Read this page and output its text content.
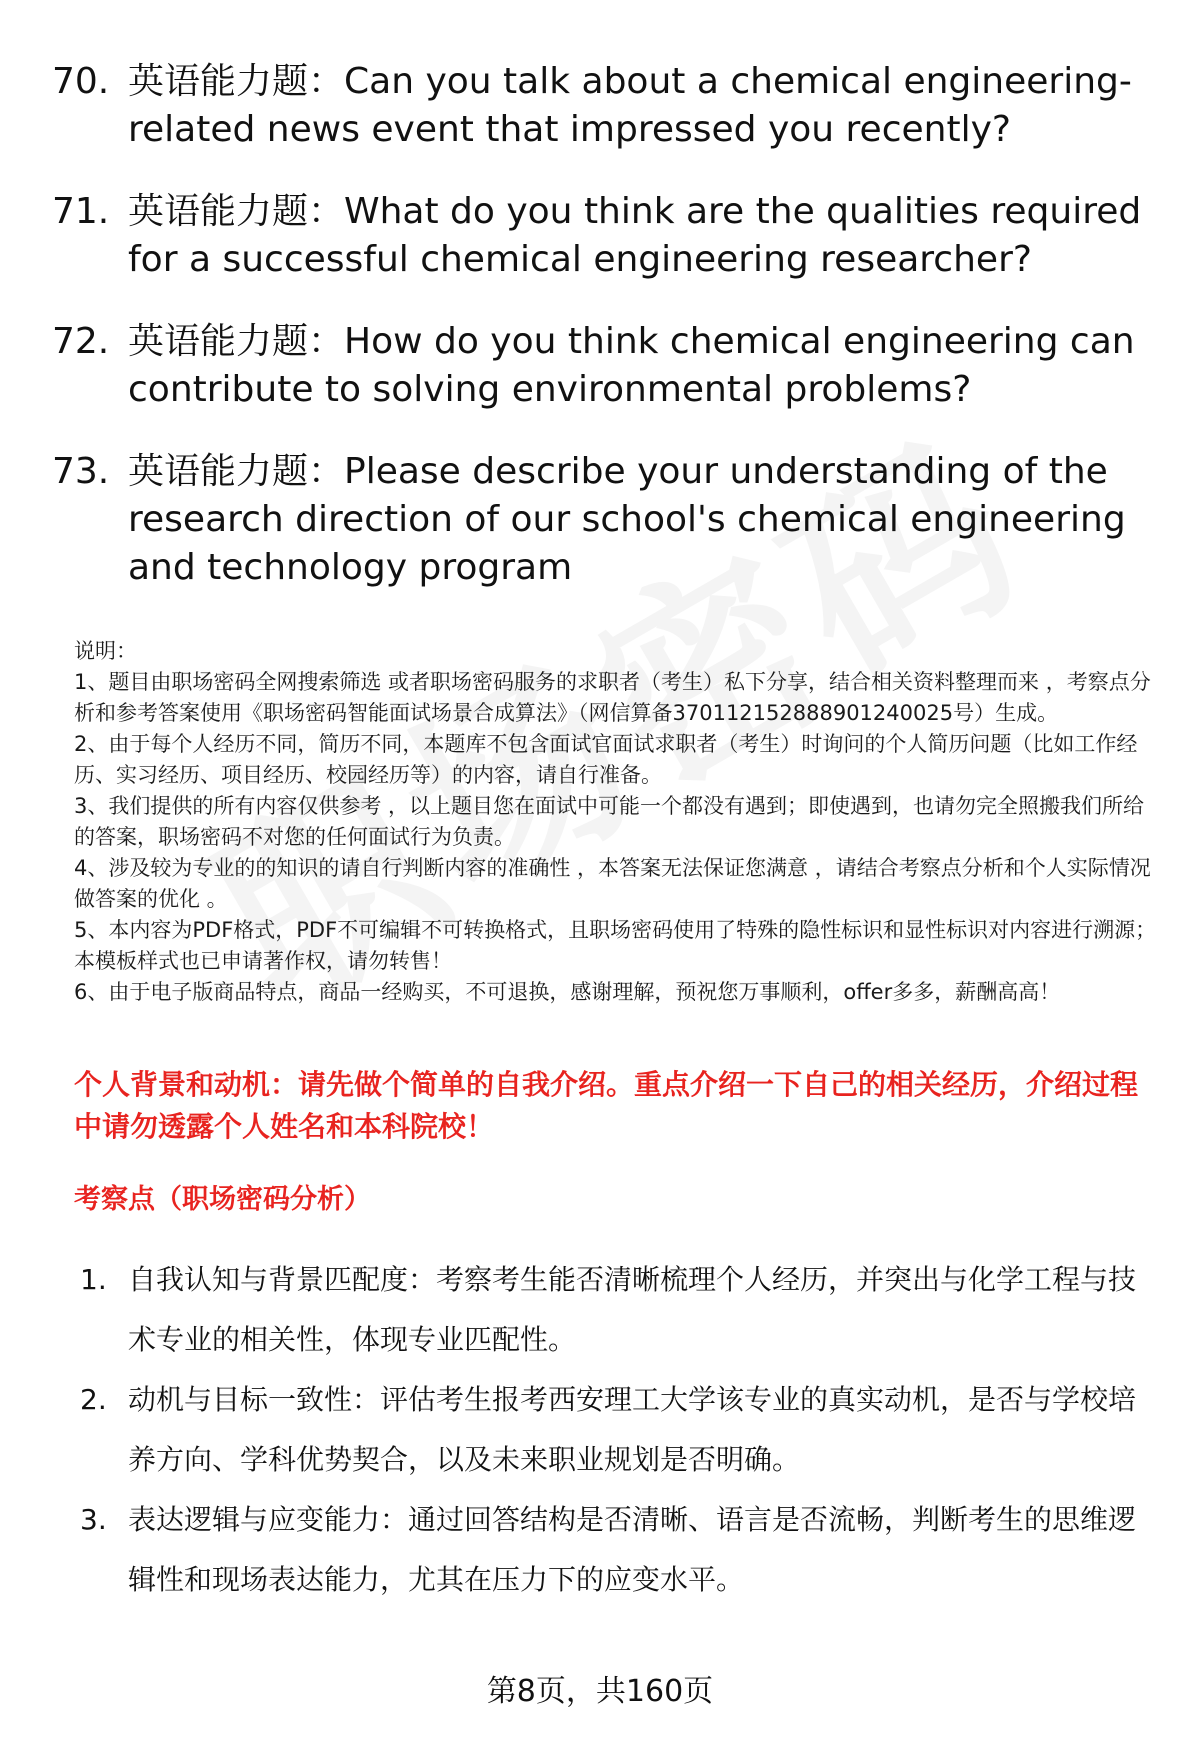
70. 英语能力题：Can you talk about a chemical engineering-related news event that impressed you recently?
71. 英语能力题：What do you think are the qualities required for a successful chemical engineering researcher?
72. 英语能力题：How do you think chemical engineering can contribute to solving environmental problems?
73. 英语能力题：Please describe your understanding of the research direction of our school's chemical engineering and technology program

说明：

1、题目由职场密码全网搜索筛选 或者职场密码服务的求职者（考生）私下分享，结合相关资料整理而来 ，考察点分析和参考答案使用《职场密码智能面试场景合成算法》（网信算备370112152888901240025号）生成。

2、由于每个人经历不同，简历不同，本题库不包含面试官面试求职者（考生）时询问的个人简历问题（比如工作经历、实习经历、项目经历、校园经历等）的内容，请自行准备。

3、我们提供的所有内容仅供参考 ，以上题目您在面试中可能一个都没有遇到；即使遇到，也请勿完全照搬我们所给的答案，职场密码不对您的任何面试行为负责。

4、涉及较为专业的的知识的请自行判断内容的准确性 ，本答案无法保证您满意 ，请结合考察点分析和个人实际情况做答案的优化 。

5、本内容为PDF格式，PDF不可编辑不可转换格式，且职场密码使用了特殊的隐性标识和显性标识对内容进行溯源；本模板样式也已申请著作权，请勿转售！

6、由于电子版商品特点，商品一经购买，不可退换，感谢理解，预祝您万事顺利，offer多多，薪酬高高！

个人背景和动机：请先做个简单的自我介绍。重点介绍一下自己的相关经历，介绍过程中请勿透露个人姓名和本科院校！
考察点（职场密码分析）
1. 自我认知与背景匹配度：考察考生能否清晰梳理个人经历，并突出与化学工程与技术专业的相关性，体现专业匹配性。
2. 动机与目标一致性：评估考生报考西安理工大学该专业的真实动机，是否与学校培养方向、学科优势契合，以及未来职业规划是否明确。
3. 表达逻辑与应变能力：通过回答结构是否清晰、语言是否流畅，判断考生的思维逻辑性和现场表达能力，尤其在压力下的应变水平。
第8页，共160页
